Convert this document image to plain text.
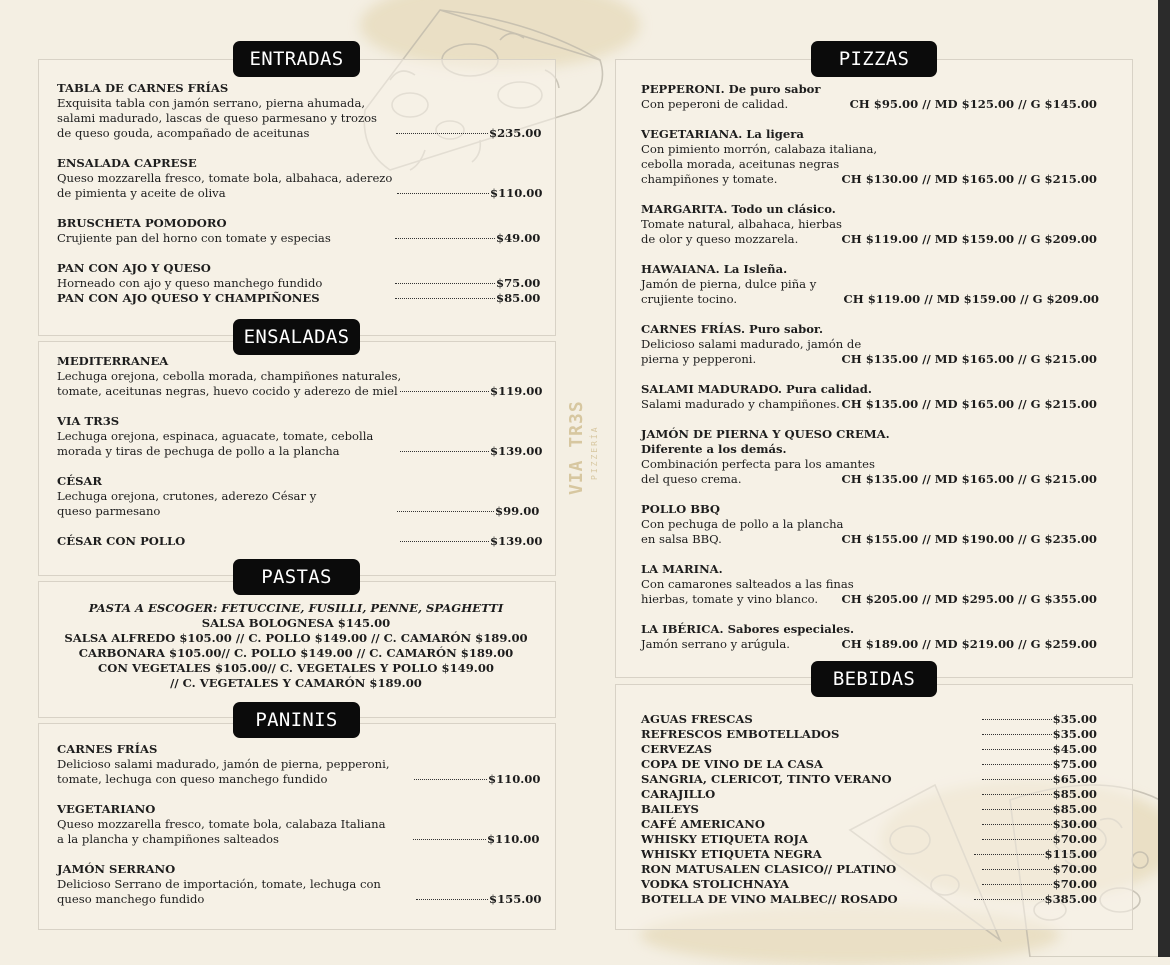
VIA TR3S PIZZERÍA
ENTRADAS
TABLA DE CARNES FRÍAS
Exquisita tabla con jamón serrano, pierna ahumada,
salami madurado, lascas de queso parmesano y trozos
de queso gouda, acompañado de aceitunas	$235.00
ENSALADA CAPRESE
Queso mozzarella fresco, tomate bola, albahaca, aderezo
de pimienta y aceite de oliva	$110.00
BRUSCHETA POMODORO
Crujiente pan del horno con tomate y especias	$49.00
PAN CON AJO Y QUESO
Horneado con ajo y queso manchego fundido	$75.00
PAN CON AJO QUESO Y CHAMPIÑONES	$85.00
ENSALADAS
MEDITERRANEA
Lechuga orejona, cebolla morada, champiñones naturales,
tomate, aceitunas negras, huevo cocido y aderezo de miel	$119.00
VIA TR3S
Lechuga orejona, espinaca, aguacate, tomate, cebolla
morada y tiras de pechuga de pollo a la plancha	$139.00
CÉSAR
Lechuga orejona, crutones, aderezo César y
queso parmesano	$99.00
CÉSAR CON POLLO	$139.00
PASTAS
PASTA A ESCOGER: FETUCCINE, FUSILLI, PENNE, SPAGHETTI
SALSA BOLOGNESA $145.00
SALSA ALFREDO $105.00 // C. POLLO $149.00 // C. CAMARÓN $189.00
CARBONARA $105.00// C. POLLO $149.00 // C. CAMARÓN $189.00
CON VEGETALES $105.00// C. VEGETALES Y POLLO $149.00
// C. VEGETALES Y CAMARÓN $189.00
PANINIS
CARNES FRÍAS
Delicioso salami madurado, jamón de pierna, pepperoni,
tomate, lechuga con queso manchego fundido	$110.00
VEGETARIANO
Queso mozzarella fresco, tomate bola, calabaza Italiana
a la plancha y champiñones salteados	$110.00
JAMÓN SERRANO
Delicioso Serrano de importación, tomate, lechuga con
queso manchego fundido	$155.00
PIZZAS
PEPPERONI. De puro sabor
Con peperoni de calidad.	CH $95.00 // MD $125.00 // G $145.00
VEGETARIANA. La ligera
Con pimiento morrón, calabaza italiana,
cebolla morada, aceitunas negras
champiñones y tomate.	CH $130.00 // MD $165.00 // G $215.00
MARGARITA. Todo un clásico.
Tomate natural, albahaca, hierbas
de olor y queso mozzarela.	CH $119.00 // MD $159.00 // G $209.00
HAWAIANA. La Isleña.
Jamón de pierna, dulce piña y
crujiente tocino.	CH $119.00 // MD $159.00 // G $209.00
CARNES FRÍAS. Puro sabor.
Delicioso salami madurado, jamón de
pierna y pepperoni.	CH $135.00 // MD $165.00 // G $215.00
SALAMI MADURADO. Pura calidad.
Salami madurado y champiñones. CH $135.00 // MD $165.00 // G $215.00
JAMÓN DE PIERNA Y QUESO CREMA.
Diferente a los demás.
Combinación perfecta para los amantes
del queso crema.	CH $135.00 // MD $165.00 // G $215.00
POLLO BBQ
Con pechuga de pollo a la plancha
en salsa BBQ.	CH $155.00 // MD $190.00 // G $235.00
LA MARINA.
Con camarones salteados a las finas
hierbas, tomate y vino blanco. CH $205.00 // MD $295.00 // G $355.00
LA IBÉRICA. Sabores especiales.
Jamón serrano y arúgula.	CH $189.00 // MD $219.00 // G $259.00
BEBIDAS
AGUAS FRESCAS	$35.00
REFRESCOS EMBOTELLADOS	$35.00
CERVEZAS	$45.00
COPA DE VINO DE LA CASA	$75.00
SANGRIA, CLERICOT, TINTO VERANO	$65.00
CARAJILLO	$85.00
BAILEYS	$85.00
CAFÉ AMERICANO	$30.00
WHISKY ETIQUETA ROJA	$70.00
WHISKY ETIQUETA NEGRA	$115.00
RON MATUSALEN CLASICO// PLATINO	$70.00
VODKA STOLICHNAYA	$70.00
BOTELLA DE VINO MALBEC// ROSADO	$385.00
